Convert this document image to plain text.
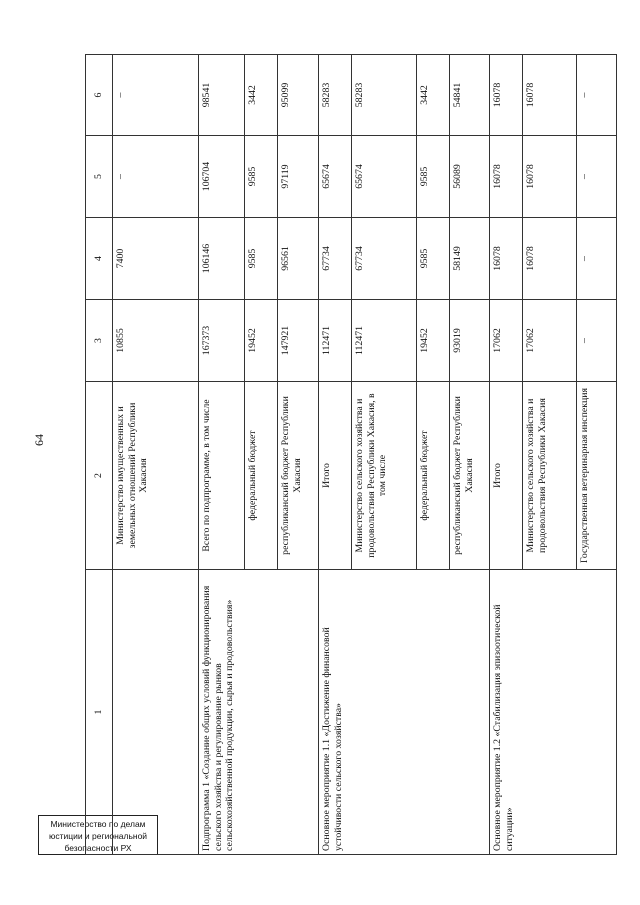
64
Министерство по делам
юстиции и региональной
безопасности РХ
1	2	3	4	5	6
	Министерство имущественных и земельных отношений Республики Хакасия	10855	7400	–	–
Подпрограмма 1 «Создание общих условий функционирования сельского хозяйства и регулирование рынков сельскохозяйственной продукции, сырья и продовольствия»	Всего по подпрограмме, в том числе	167373	106146	106704	98541
	федеральный бюджет	19452	9585	9585	3442
	республиканский бюджет Республики Хакасия	147921	96561	97119	95099
Основное мероприятие 1.1 «Достижение финансовой устойчивости сельского хозяйства»	Итого	112471	67734	65674	58283
	Министерство сельского хозяйства и продовольствия Республики Хакасия, в том числе	112471	67734	65674	58283
	федеральный бюджет	19452	9585	9585	3442
	республиканский бюджет Республики Хакасия	93019	58149	56089	54841
Основное мероприятие 1.2 «Стабилизация эпизоотической ситуации»	Итого	17062	16078	16078	16078
	Министерство сельского хозяйства и продовольствия Республики Хакасия	17062	16078	16078	16078
	Государственная ветеринарная инспекция	–	–	–	–
